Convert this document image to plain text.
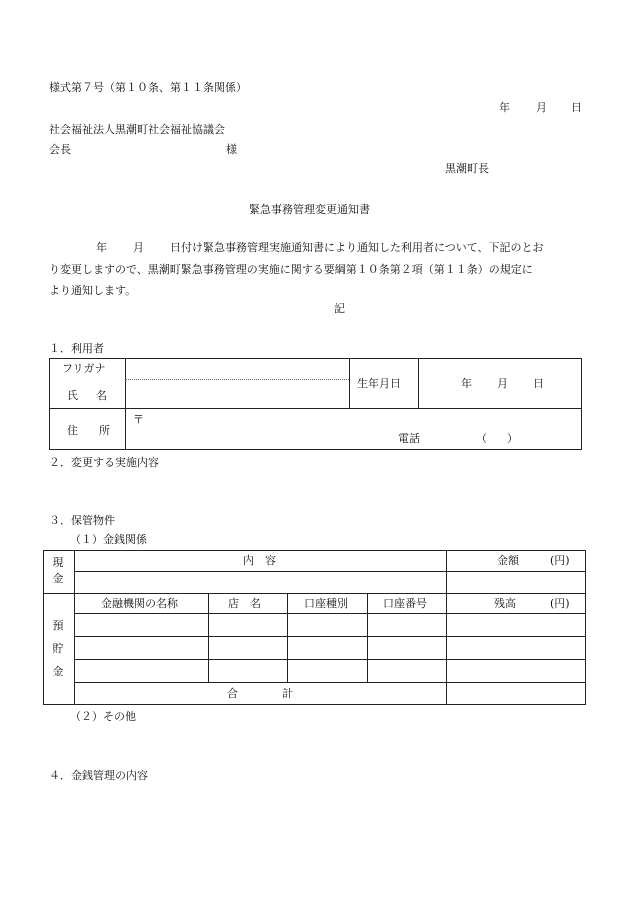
様式第７号（第１０条、第１１条関係）
年 月 日
社会福祉法人黒潮町社会福祉協議会
会長	様
黒潮町長
緊急事務管理変更通知書
年 月 日付け緊急事務管理実施通知書により通知した利用者について、下記のとお
り変更しますので、黒潮町緊急事務管理の実施に関する要綱第１０条第２項（第１１条）の規定に
より通知します。
記
１．利用者
フリガナ
氏 名
生年月日	年 月 日
住 所
〒
電話	（ ）
２．変更する実施内容
３．保管物件
（１）金銭関係
現
金
内　容	金額	(円)
預
貯
金
金融機関の名称	店　名	口座種別	口座番号	残高	(円)
合　　　　計
（２）その他
４．金銭管理の内容
